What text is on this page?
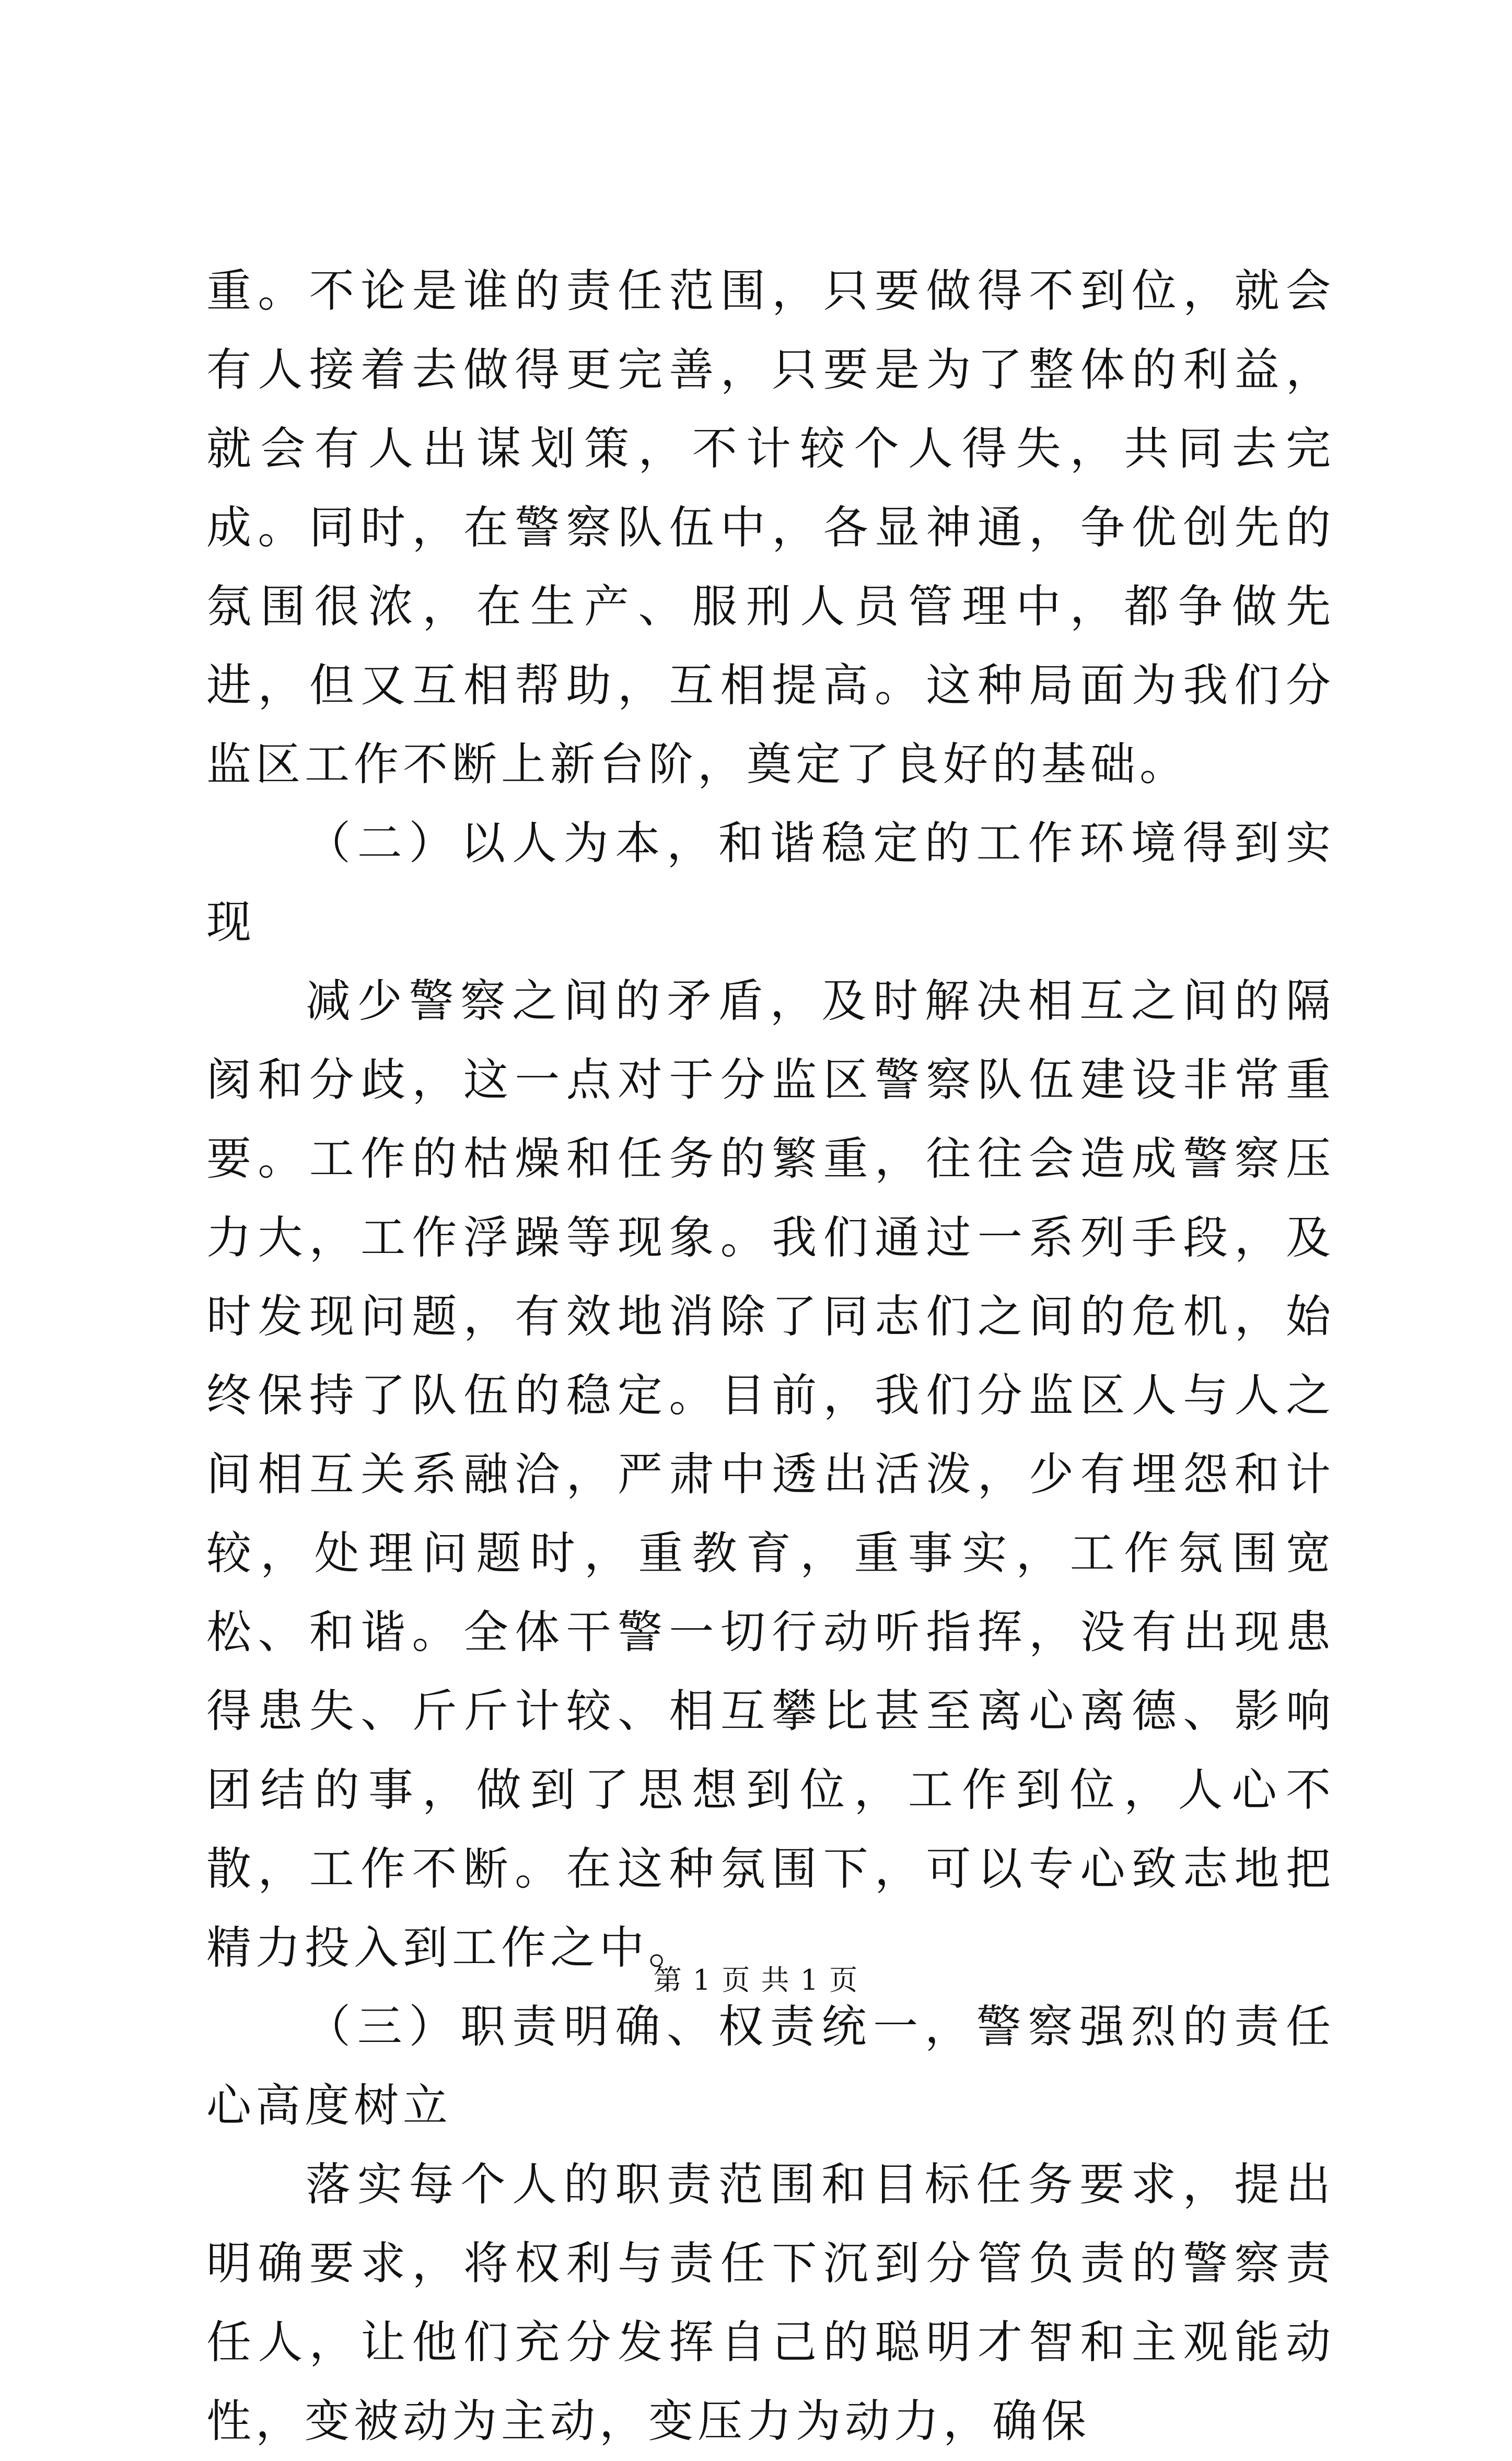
重。不论是谁的责任范围，只要做得不到位，就会有人接着去做得更完善，只要是为了整体的利益，就会有人出谋划策，不计较个人得失，共同去完成。同时，在警察队伍中，各显神通，争优创先的氛围很浓，在生产、服刑人员管理中，都争做先进，但又互相帮助，互相提高。这种局面为我们分监区工作不断上新台阶，奠定了良好的基础。

（二）以人为本，和谐稳定的工作环境得到实现

减少警察之间的矛盾，及时解决相互之间的隔阂和分歧，这一点对于分监区警察队伍建设非常重要。工作的枯燥和任务的繁重，往往会造成警察压力大，工作浮躁等现象。我们通过一系列手段，及时发现问题，有效地消除了同志们之间的危机，始终保持了队伍的稳定。目前，我们分监区人与人之间相互关系融洽，严肃中透出活泼，少有埋怨和计较，处理问题时，重教育，重事实，工作氛围宽松、和谐。全体干警一切行动听指挥，没有出现患得患失、斤斤计较、相互攀比甚至离心离德、影响团结的事，做到了思想到位，工作到位，人心不散，工作不断。在这种氛围下，可以专心致志地把精力投入到工作之中。

（三）职责明确、权责统一，警察强烈的责任心高度树立

落实每个人的职责范围和目标任务要求，提出明确要求，将权利与责任下沉到分管负责的警察责任人，让他们充分发挥自己的聪明才智和主观能动性，变被动为主动，变压力为动力，确保

第 1 页 共 1 页
